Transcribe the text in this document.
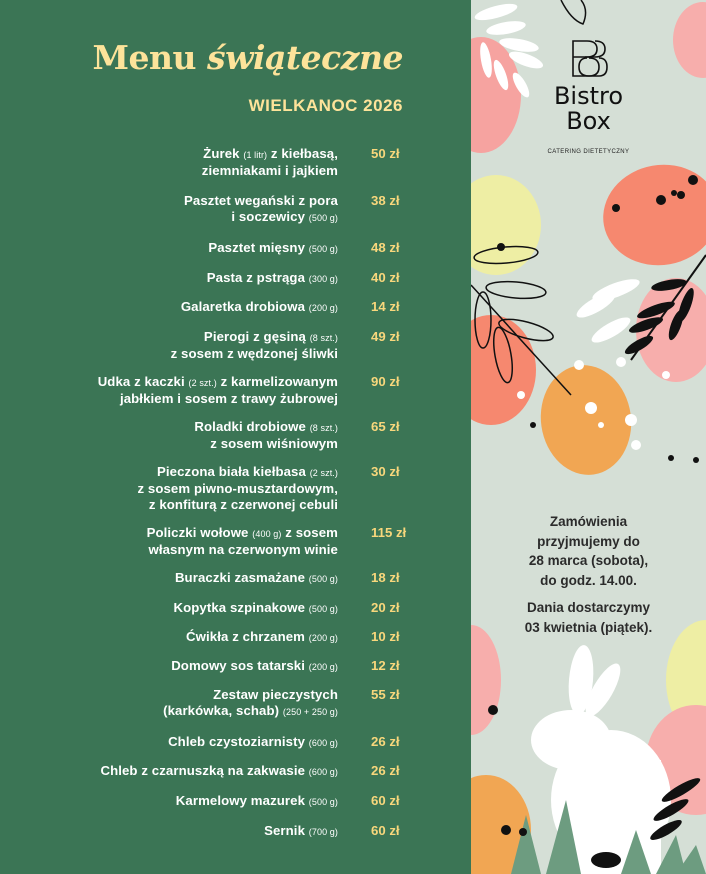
Menu świąteczne
WIELKANOC 2026
Żurek (1 litr) z kiełbasą,
ziemniakami i jajkiem
50 zł
Pasztet wegański z pora
i soczewicy (500 g)
38 zł
Pasztet mięsny (500 g)	48 zł
Pasta z pstrąga (300 g)	40 zł
Galaretka drobiowa (200 g)	14 zł
Pierogi z gęsiną (8 szt.)
z sosem z wędzonej śliwki
49 zł
Udka z kaczki (2 szt.) z karmelizowanym
jabłkiem i sosem z trawy żubrowej
90 zł
Roladki drobiowe (8 szt.)
z sosem wiśniowym
65 zł
Pieczona biała kiełbasa (2 szt.)
z sosem piwno-musztardowym,
z konfiturą z czerwonej cebuli
30 zł
Policzki wołowe (400 g) z sosem
własnym na czerwonym winie
115 zł
Buraczki zasmażane (500 g)	18 zł
Kopytka szpinakowe (500 g)	20 zł
Ćwikła z chrzanem (200 g)	10 zł
Domowy sos tatarski (200 g)	12 zł
Zestaw pieczystych
(karkówka, schab) (250 + 250 g)
55 zł
Chleb czystoziarnisty (600 g)	26 zł
Chleb z czarnuszką na zakwasie (600 g)	26 zł
Karmelowy mazurek (500 g)	60 zł
Sernik (700 g)	60 zł
Bistro
Box
CATERING DIETETYCZNY
Zamówienia
przyjmujemy do
28 marca (sobota),
do godz. 14.00.
Dania dostarczymy
03 kwietnia (piątek).
